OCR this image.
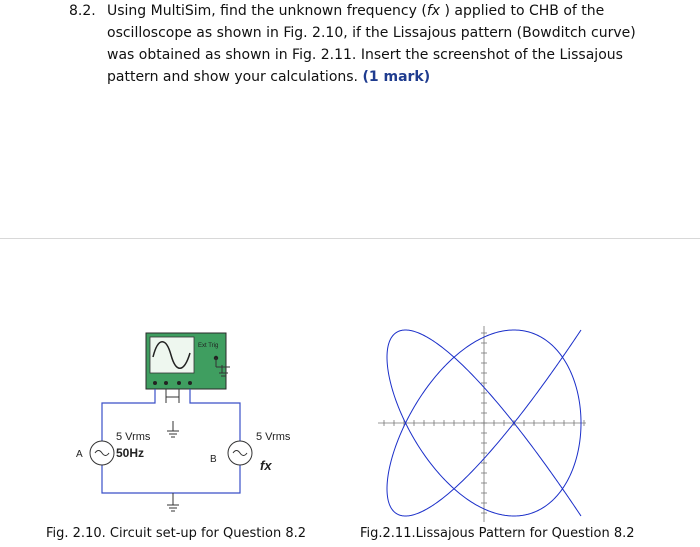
8.2. Using MultiSim, find the unknown frequency (fx ) applied to CHB of the
oscilloscope as shown in Fig. 2.10, if the Lissajous pattern (Bowditch curve)
was obtained as shown in Fig. 2.11. Insert the screenshot of the Lissajous
pattern and show your calculations. (1 mark)
Ext Trig
A
5 Vrms
50Hz	B
5 Vrms
fx
Fig. 2.10. Circuit set-up for Question 8.2	Fig.2.11.Lissajous Pattern for Question 8.2
